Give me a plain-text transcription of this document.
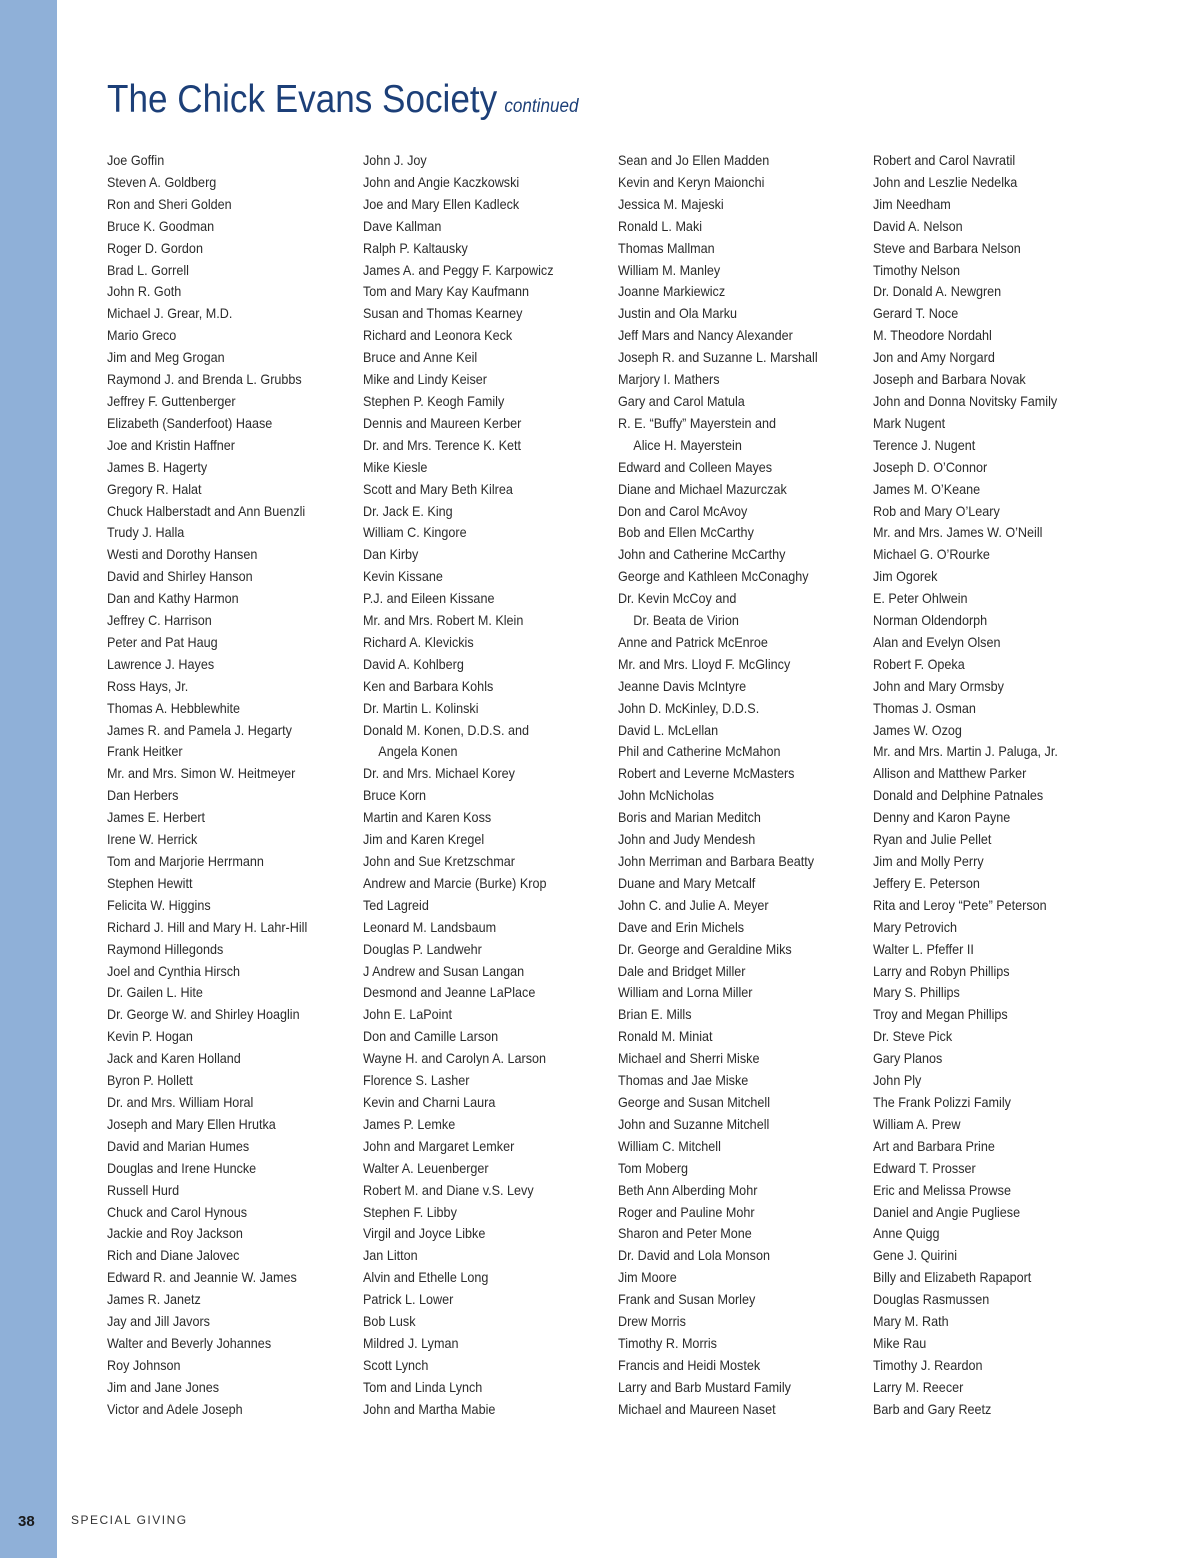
The Chick Evans Society continued
Joe Goffin
Steven A. Goldberg
Ron and Sheri Golden
Bruce K. Goodman
Roger D. Gordon
Brad L. Gorrell
John R. Goth
Michael J. Grear, M.D.
Mario Greco
Jim and Meg Grogan
Raymond J. and Brenda L. Grubbs
Jeffrey F. Guttenberger
Elizabeth (Sanderfoot) Haase
Joe and Kristin Haffner
James B. Hagerty
Gregory R. Halat
Chuck Halberstadt and Ann Buenzli
Trudy J. Halla
Westi and Dorothy Hansen
David and Shirley Hanson
Dan and Kathy Harmon
Jeffrey C. Harrison
Peter and Pat Haug
Lawrence J. Hayes
Ross Hays, Jr.
Thomas A. Hebblewhite
James R. and Pamela J. Hegarty
Frank Heitker
Mr. and Mrs. Simon W. Heitmeyer
Dan Herbers
James E. Herbert
Irene W. Herrick
Tom and Marjorie Herrmann
Stephen Hewitt
Felicita W. Higgins
Richard J. Hill and Mary H. Lahr-Hill
Raymond Hillegonds
Joel and Cynthia Hirsch
Dr. Gailen L. Hite
Dr. George W. and Shirley Hoaglin
Kevin P. Hogan
Jack and Karen Holland
Byron P. Hollett
Dr. and Mrs. William Horal
Joseph and Mary Ellen Hrutka
David and Marian Humes
Douglas and Irene Huncke
Russell Hurd
Chuck and Carol Hynous
Jackie and Roy Jackson
Rich and Diane Jalovec
Edward R. and Jeannie W. James
James R. Janetz
Jay and Jill Javors
Walter and Beverly Johannes
Roy Johnson
Jim and Jane Jones
Victor and Adele Joseph
John J. Joy
John and Angie Kaczkowski
Joe and Mary Ellen Kadleck
Dave Kallman
Ralph P. Kaltausky
James A. and Peggy F. Karpowicz
Tom and Mary Kay Kaufmann
Susan and Thomas Kearney
Richard and Leonora Keck
Bruce and Anne Keil
Mike and Lindy Keiser
Stephen P. Keogh Family
Dennis and Maureen Kerber
Dr. and Mrs. Terence K. Kett
Mike Kiesle
Scott and Mary Beth Kilrea
Dr. Jack E. King
William C. Kingore
Dan Kirby
Kevin Kissane
P.J. and Eileen Kissane
Mr. and Mrs. Robert M. Klein
Richard A. Klevickis
David A. Kohlberg
Ken and Barbara Kohls
Dr. Martin L. Kolinski
Donald M. Konen, D.D.S. and
Angela Konen
Dr. and Mrs. Michael Korey
Bruce Korn
Martin and Karen Koss
Jim and Karen Kregel
John and Sue Kretzschmar
Andrew and Marcie (Burke) Krop
Ted Lagreid
Leonard M. Landsbaum
Douglas P. Landwehr
J Andrew and Susan Langan
Desmond and Jeanne LaPlace
John E. LaPoint
Don and Camille Larson
Wayne H. and Carolyn A. Larson
Florence S. Lasher
Kevin and Charni Laura
James P. Lemke
John and Margaret Lemker
Walter A. Leuenberger
Robert M. and Diane v.S. Levy
Stephen F. Libby
Virgil and Joyce Libke
Jan Litton
Alvin and Ethelle Long
Patrick L. Lower
Bob Lusk
Mildred J. Lyman
Scott Lynch
Tom and Linda Lynch
John and Martha Mabie
Sean and Jo Ellen Madden
Kevin and Keryn Maionchi
Jessica M. Majeski
Ronald L. Maki
Thomas Mallman
William M. Manley
Joanne Markiewicz
Justin and Ola Marku
Jeff Mars and Nancy Alexander
Joseph R. and Suzanne L. Marshall
Marjory I. Mathers
Gary and Carol Matula
R. E. “Buffy” Mayerstein and
Alice H. Mayerstein
Edward and Colleen Mayes
Diane and Michael Mazurczak
Don and Carol McAvoy
Bob and Ellen McCarthy
John and Catherine McCarthy
George and Kathleen McConaghy
Dr. Kevin McCoy and
Dr. Beata de Virion
Anne and Patrick McEnroe
Mr. and Mrs. Lloyd F. McGlincy
Jeanne Davis McIntyre
John D. McKinley, D.D.S.
David L. McLellan
Phil and Catherine McMahon
Robert and Leverne McMasters
John McNicholas
Boris and Marian Meditch
John and Judy Mendesh
John Merriman and Barbara Beatty
Duane and Mary Metcalf
John C. and Julie A. Meyer
Dave and Erin Michels
Dr. George and Geraldine Miks
Dale and Bridget Miller
William and Lorna Miller
Brian E. Mills
Ronald M. Miniat
Michael and Sherri Miske
Thomas and Jae Miske
George and Susan Mitchell
John and Suzanne Mitchell
William C. Mitchell
Tom Moberg
Beth Ann Alberding Mohr
Roger and Pauline Mohr
Sharon and Peter Mone
Dr. David and Lola Monson
Jim Moore
Frank and Susan Morley
Drew Morris
Timothy R. Morris
Francis and Heidi Mostek
Larry and Barb Mustard Family
Michael and Maureen Naset
Robert and Carol Navratil
John and Leszlie Nedelka
Jim Needham
David A. Nelson
Steve and Barbara Nelson
Timothy Nelson
Dr. Donald A. Newgren
Gerard T. Noce
M. Theodore Nordahl
Jon and Amy Norgard
Joseph and Barbara Novak
John and Donna Novitsky Family
Mark Nugent
Terence J. Nugent
Joseph D. O’Connor
James M. O’Keane
Rob and Mary O’Leary
Mr. and Mrs. James W. O’Neill
Michael G. O’Rourke
Jim Ogorek
E. Peter Ohlwein
Norman Oldendorph
Alan and Evelyn Olsen
Robert F. Opeka
John and Mary Ormsby
Thomas J. Osman
James W. Ozog
Mr. and Mrs. Martin J. Paluga, Jr.
Allison and Matthew Parker
Donald and Delphine Patnales
Denny and Karon Payne
Ryan and Julie Pellet
Jim and Molly Perry
Jeffery E. Peterson
Rita and Leroy “Pete” Peterson
Mary Petrovich
Walter L. Pfeffer II
Larry and Robyn Phillips
Mary S. Phillips
Troy and Megan Phillips
Dr. Steve Pick
Gary Planos
John Ply
The Frank Polizzi Family
William A. Prew
Art and Barbara Prine
Edward T. Prosser
Eric and Melissa Prowse
Daniel and Angie Pugliese
Anne Quigg
Gene J. Quirini
Billy and Elizabeth Rapaport
Douglas Rasmussen
Mary M. Rath
Mike Rau
Timothy J. Reardon
Larry M. Reecer
Barb and Gary Reetz
38	SPECIAL GIVING
